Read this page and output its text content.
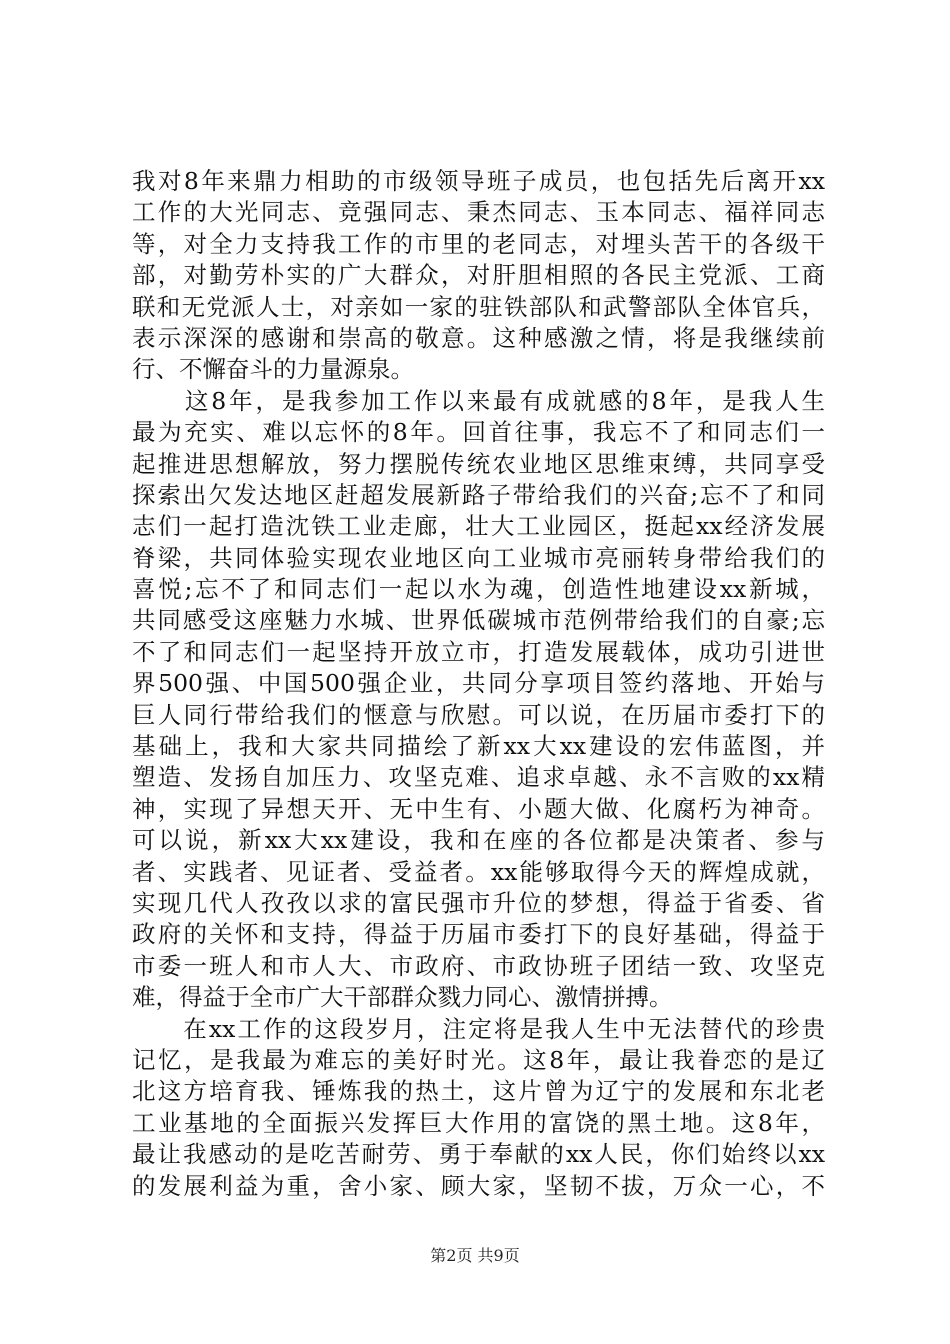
我对8年来鼎力相助的市级领导班子成员，也包括先后离开xx
工作的大光同志、竞强同志、秉杰同志、玉本同志、福祥同志
等，对全力支持我工作的市里的老同志，对埋头苦干的各级干
部，对勤劳朴实的广大群众，对肝胆相照的各民主党派、工商
联和无党派人士，对亲如一家的驻铁部队和武警部队全体官兵，
表示深深的感谢和崇高的敬意。这种感激之情，将是我继续前
行、不懈奋斗的力量源泉。
　　这8年，是我参加工作以来最有成就感的8年，是我人生
最为充实、难以忘怀的8年。回首往事，我忘不了和同志们一
起推进思想解放，努力摆脱传统农业地区思维束缚，共同享受
探索出欠发达地区赶超发展新路子带给我们的兴奋;忘不了和同
志们一起打造沈铁工业走廊，壮大工业园区，挺起xx经济发展
脊梁，共同体验实现农业地区向工业城市亮丽转身带给我们的
喜悦;忘不了和同志们一起以水为魂，创造性地建设xx新城，
共同感受这座魅力水城、世界低碳城市范例带给我们的自豪;忘
不了和同志们一起坚持开放立市，打造发展载体，成功引进世
界500强、中国500强企业，共同分享项目签约落地、开始与
巨人同行带给我们的惬意与欣慰。可以说，在历届市委打下的
基础上，我和大家共同描绘了新xx大xx建设的宏伟蓝图，并
塑造、发扬自加压力、攻坚克难、追求卓越、永不言败的xx精
神，实现了异想天开、无中生有、小题大做、化腐朽为神奇。
可以说，新xx大xx建设，我和在座的各位都是决策者、参与
者、实践者、见证者、受益者。xx能够取得今天的辉煌成就，
实现几代人孜孜以求的富民强市升位的梦想，得益于省委、省
政府的关怀和支持，得益于历届市委打下的良好基础，得益于
市委一班人和市人大、市政府、市政协班子团结一致、攻坚克
难，得益于全市广大干部群众戮力同心、激情拼搏。
　　在xx工作的这段岁月，注定将是我人生中无法替代的珍贵
记忆，是我最为难忘的美好时光。这8年，最让我眷恋的是辽
北这方培育我、锤炼我的热土，这片曾为辽宁的发展和东北老
工业基地的全面振兴发挥巨大作用的富饶的黑土地。这8年，
最让我感动的是吃苦耐劳、勇于奉献的xx人民，你们始终以xx
的发展利益为重，舍小家、顾大家，坚韧不拔，万众一心，不
第2页 共9页
